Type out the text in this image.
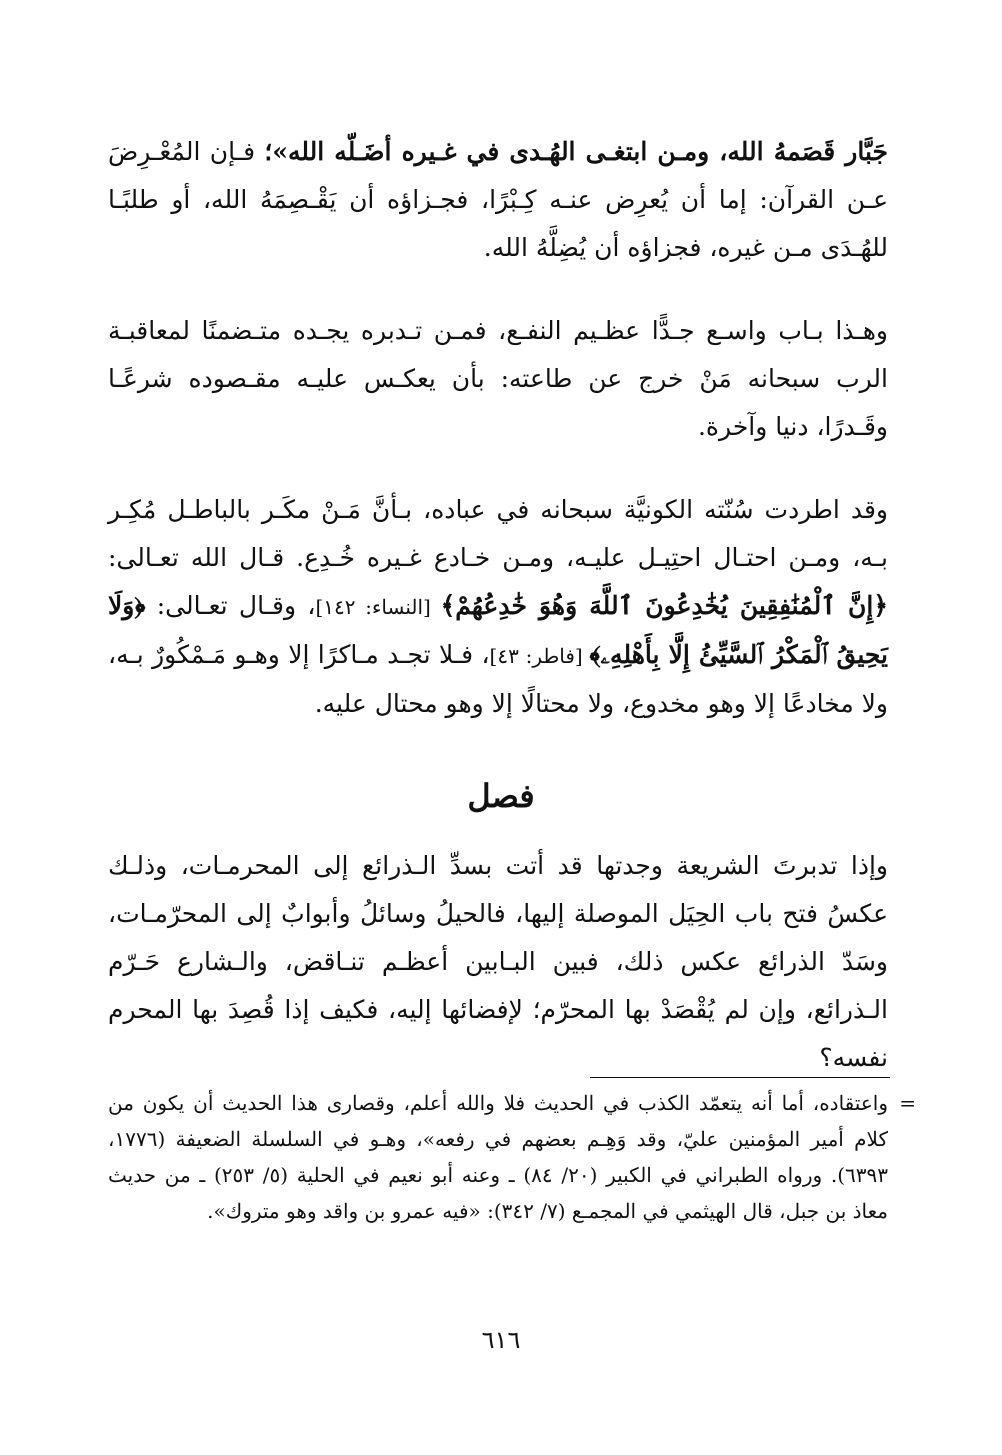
جَبَّار قَصَمهُ الله، ومـن ابتغـى الهُـدى في غـيره أضَـلّه الله»؛ فـإن المُعْـرِضَ عـن القرآن: إما أن يُعرِض عنـه كِـبْرًا، فجـزاؤه أن يَقْـصِمَهُ الله، أو طلبًـا للهُـدَى مـن غيره، فجزاؤه أن يُضِلَّهُ الله.

وهـذا بـاب واسـع جـدًّا عظـيم النفـع، فمـن تـدبره يجـده متـضمنًا لمعاقبـة الرب سبحانه مَنْ خرج عن طاعته: بأن يعكـس عليـه مقـصوده شرعًـا وقَـدرًا، دنيا وآخرة.

وقد اطردت سُنّته الكونيَّة سبحانه في عباده، بـأنَّ مَـنْ مكَـر بالباطـل مُكِـر بـه، ومـن احتـال احتِيـل عليـه، ومـن خـادع غـيره خُـدِع. قـال الله تعـالى: ﴿إِنَّ ٱلْمُنَٰفِقِينَ يُخَٰدِعُونَ ٱللَّهَ وَهُوَ خَٰدِعُهُمْ﴾ [النساء: ١٤٢]، وقـال تعـالى: ﴿وَلَا يَحِيقُ ٱلْمَكْرُ ٱلسَّيِّئُ إِلَّا بِأَهْلِهِۦ﴾ [فاطر: ٤٣]، فـلا تجـد مـاكرًا إلا وهـو مَـمْكُورٌ بـه، ولا مخادعًا إلا وهو مخدوع، ولا محتالًا إلا وهو محتال عليه.

فصل

وإذا تدبرتَ الشريعة وجدتها قد أتت بسدِّ الـذرائع إلى المحرمـات، وذلـك عكسُ فتح باب الحِيَل الموصلة إليها، فالحيلُ وسائلُ وأبوابٌ إلى المحرّمـات، وسَدّ الذرائع عكس ذلك، فبين البـابين أعظـم تنـاقض، والـشارع حَـرّم الـذرائع، وإن لم يُقْصَدْ بها المحرّم؛ لإفضائها إليه، فكيف إذا قُصِدَ بها المحرم نفسه؟

=
واعتقاده، أما أنه يتعمّد الكذب في الحديث فلا والله أعلم، وقصارى هذا الحديث أن يكون من كلام أمير المؤمنين عليّ، وقد وَهِـم بعضهم في رفعه»، وهـو في السلسلة الضعيفة (١٧٧٦، ٦٣٩٣). ورواه الطبراني في الكبير (٢٠/ ٨٤) ـ وعنه أبو نعيم في الحلية (٥/ ٢٥٣) ـ من حديث معاذ بن جبل، قال الهيثمي في المجمـع (٧/ ٣٤٢): «فيه عمرو بن واقد وهو متروك».

٦١٦
